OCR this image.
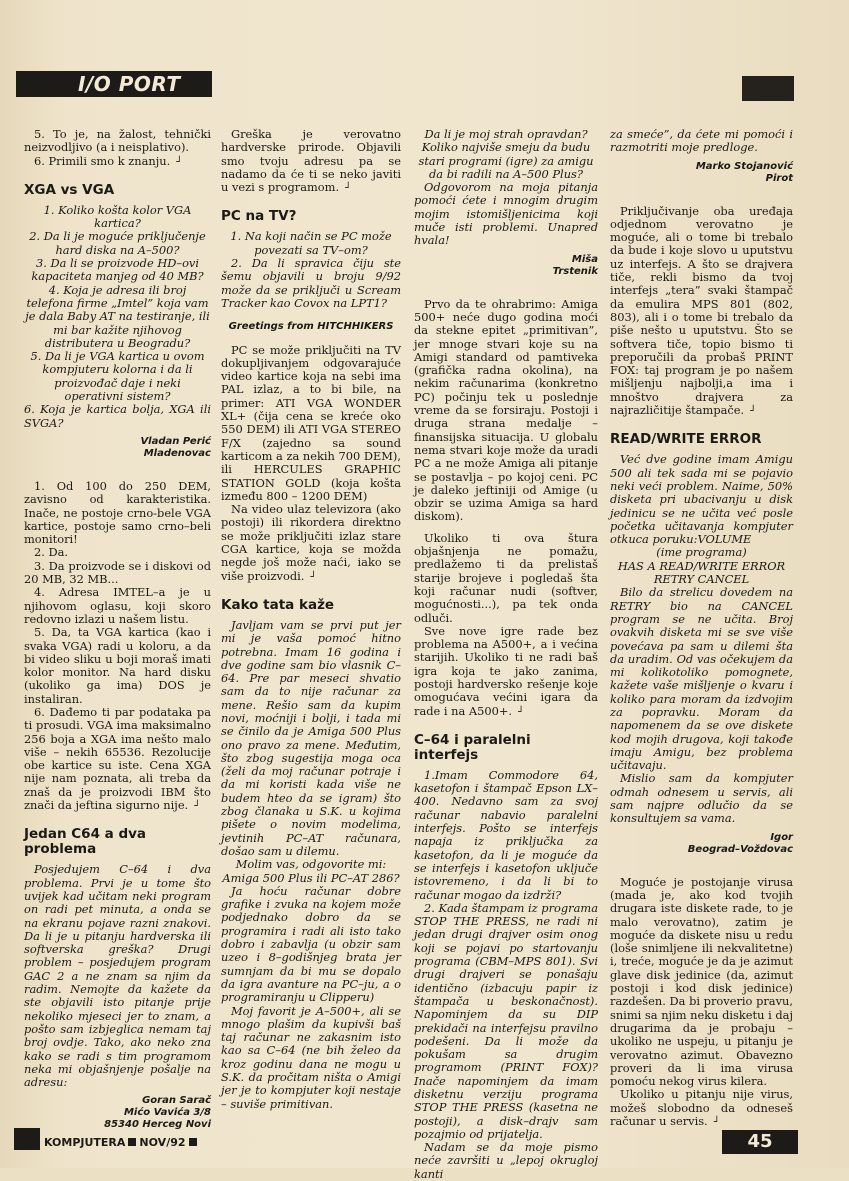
I/O PORT

5. To je, na žalost, tehnički neizvodljivo (a i neisplativo).

6. Primili smo k znanju. ┘

XGA vs VGA

1. Koliko košta kolor VGA kartica?

2. Da li je moguće priključenje hard diska na A–500?

3. Da li se proizvode HD–ovi kapaciteta manjeg od 40 MB?

4. Koja je adresa ili broj telefona firme „Imtel” koja vam je dala Baby AT na testiranje, ili mi bar kažite njihovog distributera u Beogradu?

5. Da li je VGA kartica u ovom kompjuteru kolorna i da li proizvođač daje i neki operativni sistem?

6. Koja je kartica bolja, XGA ili SVGA?

Vladan Perić
Mladenovac

1. Od 100 do 250 DEM, zavisno od karakteristika. Inače, ne postoje crno-bele VGA kartice, postoje samo crno–beli monitori!

2. Da.

3. Da proizvode se i diskovi od 20 MB, 32 MB...

4. Adresa IMTEL–a je u njihovom oglasu, koji skoro redovno izlazi u našem listu.

5. Da, ta VGA kartica (kao i svaka VGA) radi u koloru, a da bi video sliku u boji moraš imati kolor monitor. Na hard disku (ukoliko ga ima) DOS je instaliran.

6. Dađemo ti par podataka pa ti prosudi. VGA ima maksimalno 256 boja a XGA ima nešto malo više – nekih 65536. Rezolucije obe kartice su iste. Cena XGA nije nam poznata, ali treba da znaš da je proizvodi IBM što znači da jeftina sigurno nije. ┘

Jedan C64 a dva problema

Posjedujem C–64 i dva problema. Prvi je u tome što uvijek kad učitam neki program on radi pet minuta, a onda se na ekranu pojave razni znakovi. Da li je u pitanju hardverska ili softverska greška? Drugi problem – posjedujem program GAC 2 a ne znam sa njim da radim. Nemojte da kažete da ste objavili isto pitanje prije nekoliko mjeseci jer to znam, a pošto sam izbjeglica nemam taj broj ovdje. Tako, ako neko zna kako se radi s tim programom neka mi objašnjenje pošalje na adresu:

Goran Sarač
Mićo Vavića 3/8
85340 Herceg Novi

Greška je verovatno hardverske prirode. Objavili smo tvoju adresu pa se nadamo da će ti se neko javiti u vezi s programom. ┘

PC na TV?

1. Na koji način se PC može povezati sa TV–om?

2. Da li spravica čiju ste šemu objavili u broju 9/92 može da se priključi u Scream Tracker kao Covox na LPT1?

Greetings from HITCHHIKERS

PC se može priključiti na TV dokupljivanjem odgovarajuće video kartice koja na sebi ima PAL izlaz, a to bi bile, na primer: ATI VGA WONDER XL+ (čija cena se kreće oko 550 DEM) ili ATI VGA STEREO F/X (zajedno sa sound karticom a za nekih 700 DEM), ili HERCULES GRAPHIC STATION GOLD (koja košta između 800 – 1200 DEM)

Na video ulaz televizora (ako postoji) ili rikordera direktno se može priključiti izlaz stare CGA kartice, koja se možda negde još može naći, iako se više proizvodi. ┘

Kako tata kaže

Javljam vam se prvi put jer mi je vaša pomoć hitno potrebna. Imam 16 godina i dve godine sam bio vlasnik C–64. Pre par meseci shvatio sam da to nije računar za mene. Rešio sam da kupim novi, moćniji i bolji, i tada mi se činilo da je Amiga 500 Plus ono pravo za mene. Međutim, što zbog sugestija moga oca (želi da moj računar potraje i da mi koristi kada više ne budem hteo da se igram) što zbog članaka u S.K. u kojima pišete o novim modelima, jevtinih PC–AT računara, došao sam u dilemu.

Molim vas, odgovorite mi: Amiga 500 Plus ili PC–AT 286?

Ja hoću računar dobre grafike i zvuka na kojem može podjednako dobro da se programira i radi ali isto tako dobro i zabavlja (u obzir sam uzeo i 8–godišnjeg brata jer sumnjam da bi mu se dopalo da igra avanture na PC–ju, a o programiranju u Clipperu)

Moj favorit je A–500+, ali se mnogo plašim da kupivši baš taj računar ne zakasnim isto kao sa C–64 (ne bih želeo da kroz godinu dana ne mogu u S.K. da pročitam ništa o Amigi jer je to kompjuter koji nestaje – suviše primitivan.

Da li je moj strah opravdan? Koliko najviše smeju da budu stari programi (igre) za amigu da bi radili na A–500 Plus?

Odgovorom na moja pitanja pomoći ćete i mnogim drugim mojim istomišljenicima koji muče isti problemi. Unapred hvala!

Miša
Trstenik

Prvo da te ohrabrimo: Amiga 500+ neće dugo godina moći da stekne epitet „primitivan”, jer mnoge stvari koje su na Amigi standard od pamtiveka (grafička radna okolina), na nekim računarima (konkretno PC) počinju tek u poslednje vreme da se forsiraju. Postoji i druga strana medalje – finansijska situacija. U globalu nema stvari koje može da uradi PC a ne može Amiga ali pitanje se postavlja – po kojoj ceni. PC je daleko jeftiniji od Amige (u obzir se uzima Amiga sa hard diskom).

Ukoliko ti ova štura objašnjenja ne pomažu, predlažemo ti da prelistaš starije brojeve i pogledaš šta koji računar nudi (softver, mogućnosti...), pa tek onda odluči.

Sve nove igre rade bez problema na A500+, a i većina starijih. Ukoliko ti ne radi baš igra koja te jako zanima, postoji hardversko rešenje koje omogućava većini igara da rade i na A500+. ┘

C–64 i paralelni interfejs

1.Imam Commodore 64, kasetofon i štampač Epson LX–400. Nedavno sam za svoj računar nabavio paralelni interfejs. Pošto se interfejs napaja iz priključka za kasetofon, da li je moguće da se interfejs i kasetofon uključe istovremeno, i da li bi to računar mogao da izdrži?

2. Kada štampam iz programa STOP THE PRESS, ne radi ni jedan drugi drajver osim onog koji se pojavi po startovanju programa (CBM–MPS 801). Svi drugi drajveri se ponašaju identično (izbacuju papir iz štampača u beskonačnost). Napominjem da su DIP prekidači na interfejsu pravilno podešeni. Da li može da pokušam sa drugim programom (PRINT FOX)? Inače napominjem da imam disketnu verziju programa STOP THE PRESS (kasetna ne postoji), a disk–drajv sam pozajmio od prijatelja.

Nadam se da moje pismo neće završiti u „lepoj okrugloj kanti

za smeće”, da ćete mi pomoći i razmotriti moje predloge.

Marko Stojanović
Pirot

Priključivanje oba uređaja odjednom verovatno je moguće, ali o tome bi trebalo da bude i koje slovo u uputstvu uz interfejs. A što se drajvera tiče, rekli bismo da tvoj interfejs „tera” svaki štampač da emulira MPS 801 (802, 803), ali i o tome bi trebalo da piše nešto u uputstvu. Što se softvera tiče, topio bismo ti preporučili da probaš PRINT FOX: taj program je po našem mišljenju najbolji,a ima i mnoštvo drajvera za najrazličitije štampače. ┘

READ/WRITE ERROR

Već dve godine imam Amigu 500 ali tek sada mi se pojavio neki veći problem. Naime, 50% disketa pri ubacivanju u disk jedinicu se ne učita već posle početka učitavanja kompjuter otkuca poruku:VOLUME

(ime programa)

HAS A READ/WRITE ERROR

RETRY CANCEL

Bilo da strelicu dovedem na RETRY bio na CANCEL program se ne učita. Broj ovakvih disketa mi se sve više povećava pa sam u dilemi šta da uradim. Od vas očekujem da mi kolikotoliko pomognete, kažete vaše mišljenje o kvaru i koliko para moram da izdvojim za popravku. Moram da napomenem da se ove diskete kod mojih drugova, koji takođe imaju Amigu, bez problema učitavaju.

Mislio sam da kompjuter odmah odnesem u servis, ali sam najpre odlučio da se konsultujem sa vama.

Igor
Beograd–Voždovac

Moguće je postojanje virusa (mada je, ako kod tvojih drugara iste diskete rade, to je malo verovatno), zatim je moguće da diskete nisu u redu (loše snimljene ili nekvalitetne) i, treće, moguće je da je azimut glave disk jedinice (da, azimut postoji i kod disk jedinice) razdešen. Da bi proverio pravu, snimi sa njim neku disketu i daj drugarima da je probaju – ukoliko ne uspeju, u pitanju je verovatno azimut. Obavezno proveri da li ima virusa pomoću nekog virus kilera.

Ukoliko u pitanju nije virus, možeš slobodno da odneseš računar u servis. ┘

KOMPJUTERA NOV/92	45
